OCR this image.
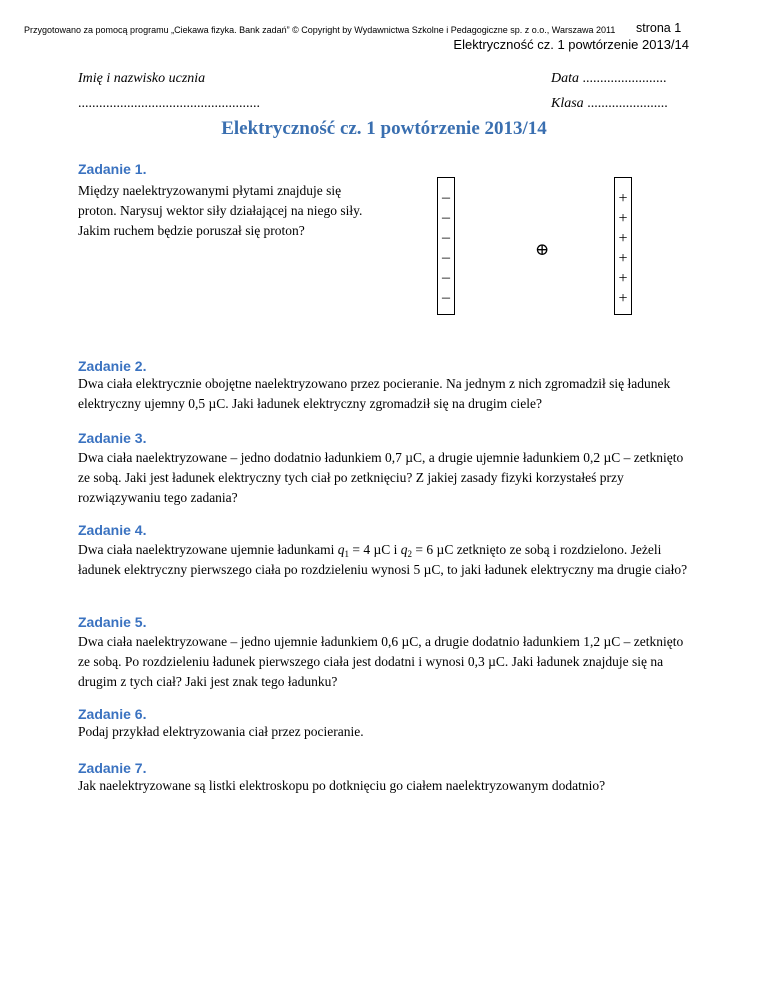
Przygotowano za pomocą programu „Ciekawa fizyka. Bank zadań” © Copyright by Wydawnictwa Szkolne i Pedagogiczne sp. z o.o., Warszawa 2011 strona 1
Elektryczność cz. 1 powtórzenie 2013/14
Imię i nazwisko ucznia
....................................................
Data ........................
Klasa .......................
Elektryczność cz. 1 powtórzenie 2013/14
Zadanie 1.
Między naelektryzowanymi płytami znajduje się proton. Narysuj wektor siły działającej na niego siły. Jakim ruchem będzie poruszał się proton?
–
–
–
–
–
–
+
+
+
+
+
+
⊕
Zadanie 2.
Dwa ciała elektrycznie obojętne naelektryzowano przez pocieranie. Na jednym z nich zgromadził się ładunek elektryczny ujemny 0,5 µC. Jaki ładunek elektryczny zgromadził się na drugim ciele?
Zadanie 3.
Dwa ciała naelektryzowane – jedno dodatnio ładunkiem 0,7 µC, a drugie ujemnie ładunkiem 0,2 µC – zetknięto ze sobą. Jaki jest ładunek elektryczny tych ciał po zetknięciu? Z jakiej zasady fizyki korzystałeś przy rozwiązywaniu tego zadania?
Zadanie 4.
Dwa ciała naelektryzowane ujemnie ładunkami $q_1 = 4$ µC i $q_2 = 6$ µC zetknięto ze sobą i rozdzielono. Jeżeli ładunek elektryczny pierwszego ciała po rozdzieleniu wynosi 5 µC, to jaki ładunek elektryczny ma drugie ciało?
Zadanie 5.
Dwa ciała naelektryzowane – jedno ujemnie ładunkiem 0,6 µC, a drugie dodatnio ładunkiem 1,2 µC – zetknięto ze sobą. Po rozdzieleniu ładunek pierwszego ciała jest dodatni i wynosi 0,3 µC. Jaki ładunek znajduje się na drugim z tych ciał? Jaki jest znak tego ładunku?
Zadanie 6.
Podaj przykład elektryzowania ciał przez pocieranie.
Zadanie 7.
Jak naelektryzowane są listki elektroskopu po dotknięciu go ciałem naelektryzowanym dodatnio?
